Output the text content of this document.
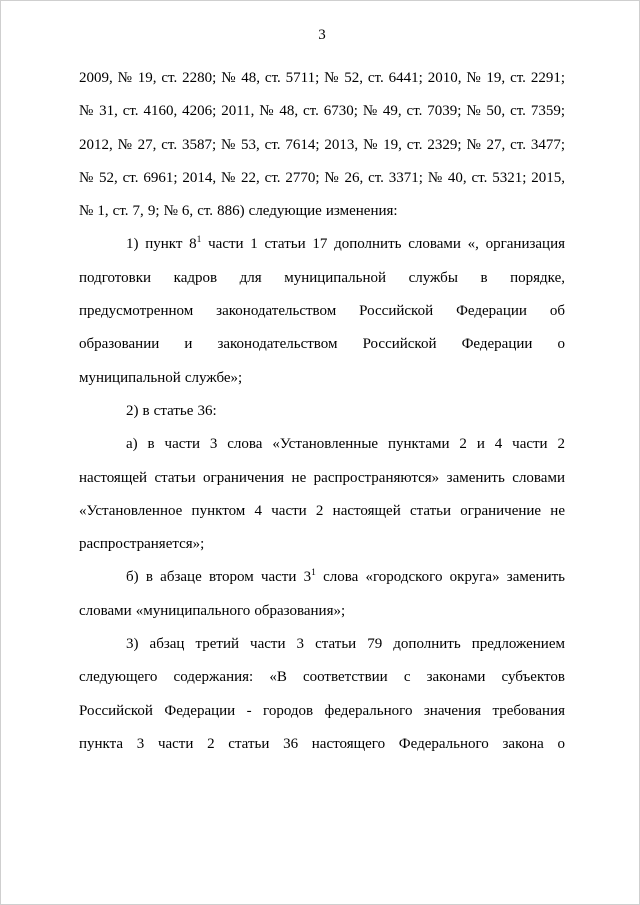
3

2009, № 19, ст. 2280; № 48, ст. 5711; № 52, ст. 6441; 2010, № 19, ст. 2291; № 31, ст. 4160, 4206; 2011, № 48, ст. 6730; № 49, ст. 7039; № 50, ст. 7359; 2012, № 27, ст. 3587; № 53, ст. 7614; 2013, № 19, ст. 2329; № 27, ст. 3477; № 52, ст. 6961; 2014, № 22, ст. 2770; № 26, ст. 3371; № 40, ст. 5321; 2015, № 1, ст. 7, 9; № 6, ст. 886) следующие изменения:

1) пункт $8^1$ части 1 статьи 17 дополнить словами «, организация подготовки кадров для муниципальной службы в порядке, предусмотренном законодательством Российской Федерации об образовании и законодательством Российской Федерации о муниципальной службе»;

2) в статье 36:

а) в части 3 слова «Установленные пунктами 2 и 4 части 2 настоящей статьи ограничения не распространяются» заменить словами «Установленное пунктом 4 части 2 настоящей статьи ограничение не распространяется»;

б) в абзаце втором части $3^1$ слова «городского округа» заменить словами «муниципального образования»;

3) абзац третий части 3 статьи 79 дополнить предложением следующего содержания: «В соответствии с законами субъектов Российской Федерации - городов федерального значения требования пункта 3 части 2 статьи 36 настоящего Федерального закона о
